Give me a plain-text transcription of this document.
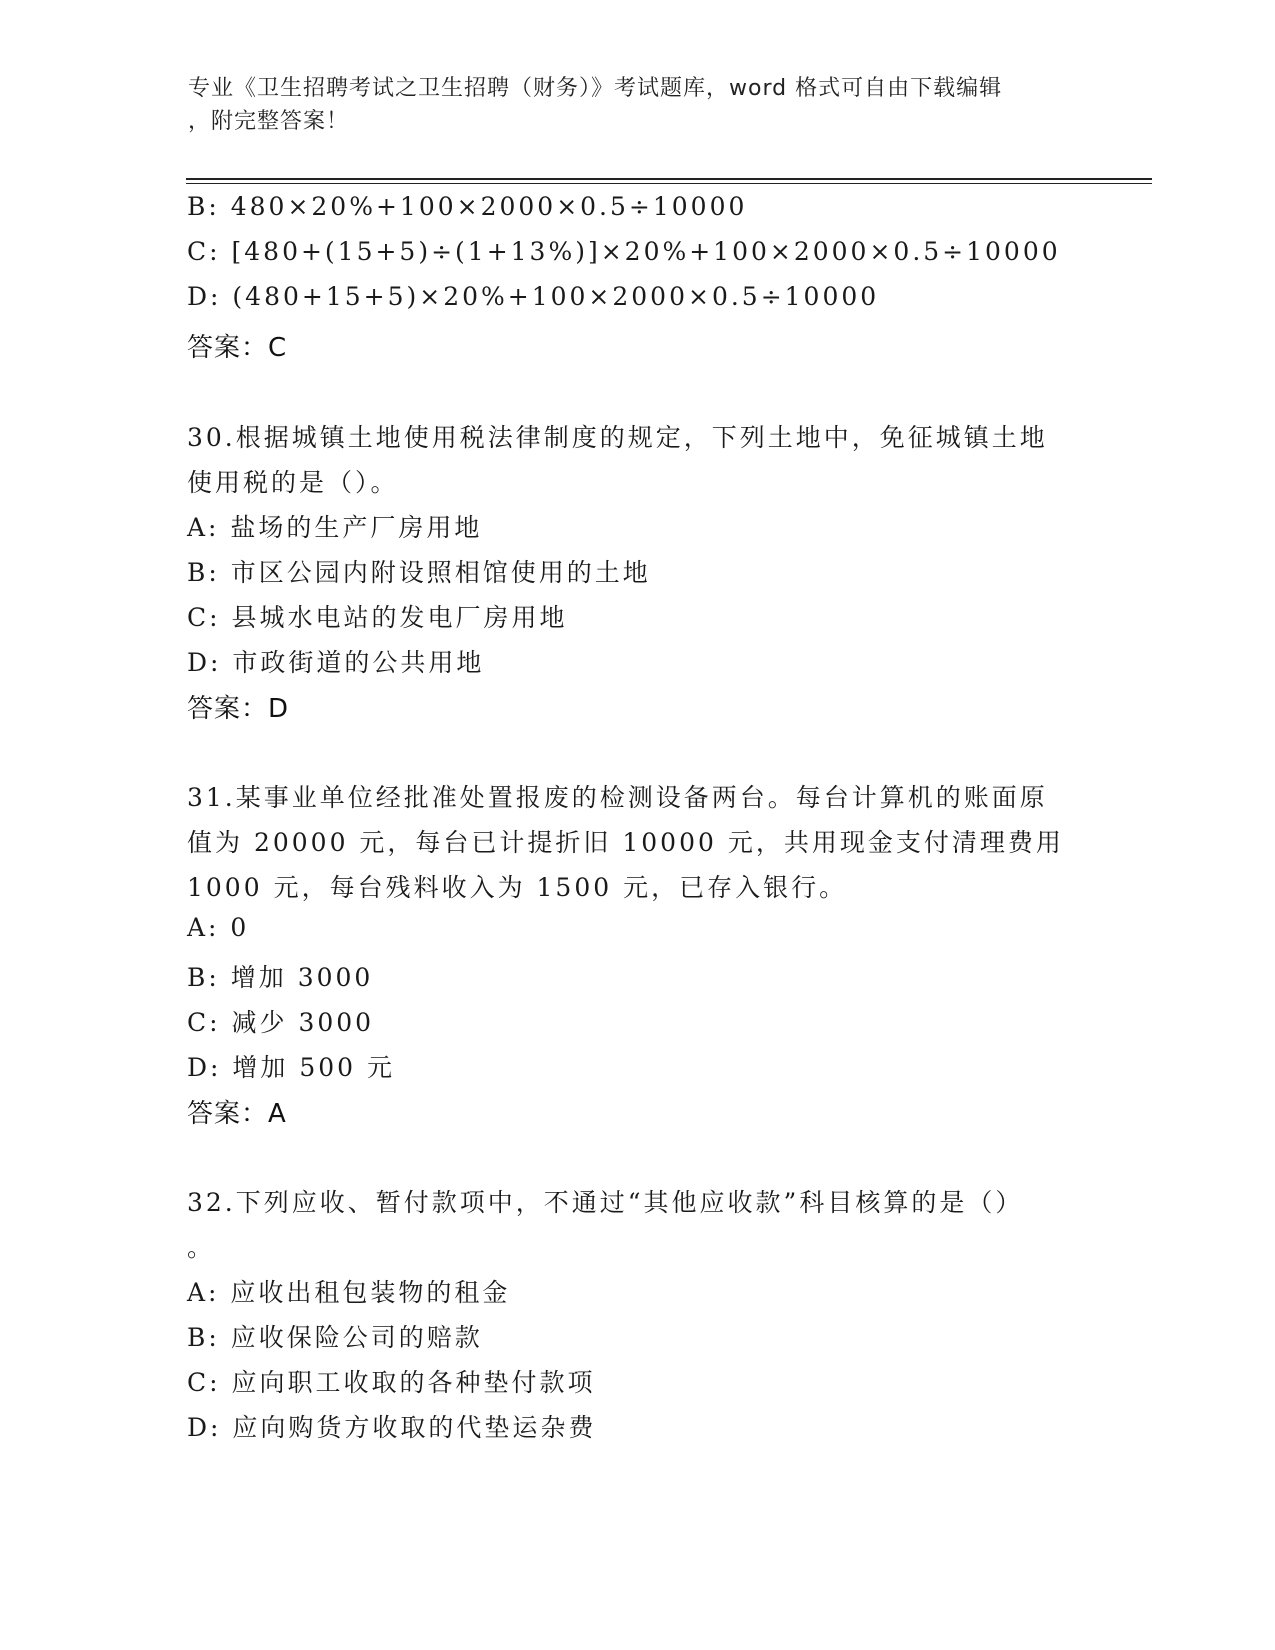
专业《卫生招聘考试之卫生招聘（财务）》考试题库，word 格式可自由下载编辑
，附完整答案！
B: 480×20%+100×2000×0.5÷10000
C: [480+(15+5)÷(1+13%)]×20%+100×2000×0.5÷10000
D: (480+15+5)×20%+100×2000×0.5÷10000
答案：C
30.根据城镇土地使用税法律制度的规定，下列土地中，免征城镇土地
使用税的是（）。
A: 盐场的生产厂房用地
B: 市区公园内附设照相馆使用的土地
C: 县城水电站的发电厂房用地
D: 市政街道的公共用地
答案：D
31.某事业单位经批准处置报废的检测设备两台。每台计算机的账面原
值为 20000 元，每台已计提折旧 10000 元，共用现金支付清理费用
1000 元，每台残料收入为 1500 元，已存入银行。
A: 0
B: 增加 3000
C: 减少 3000
D: 增加 500 元
答案：A
32.下列应收、暂付款项中，不通过“其他应收款”科目核算的是（）
。
A: 应收出租包装物的租金
B: 应收保险公司的赔款
C: 应向职工收取的各种垫付款项
D: 应向购货方收取的代垫运杂费
